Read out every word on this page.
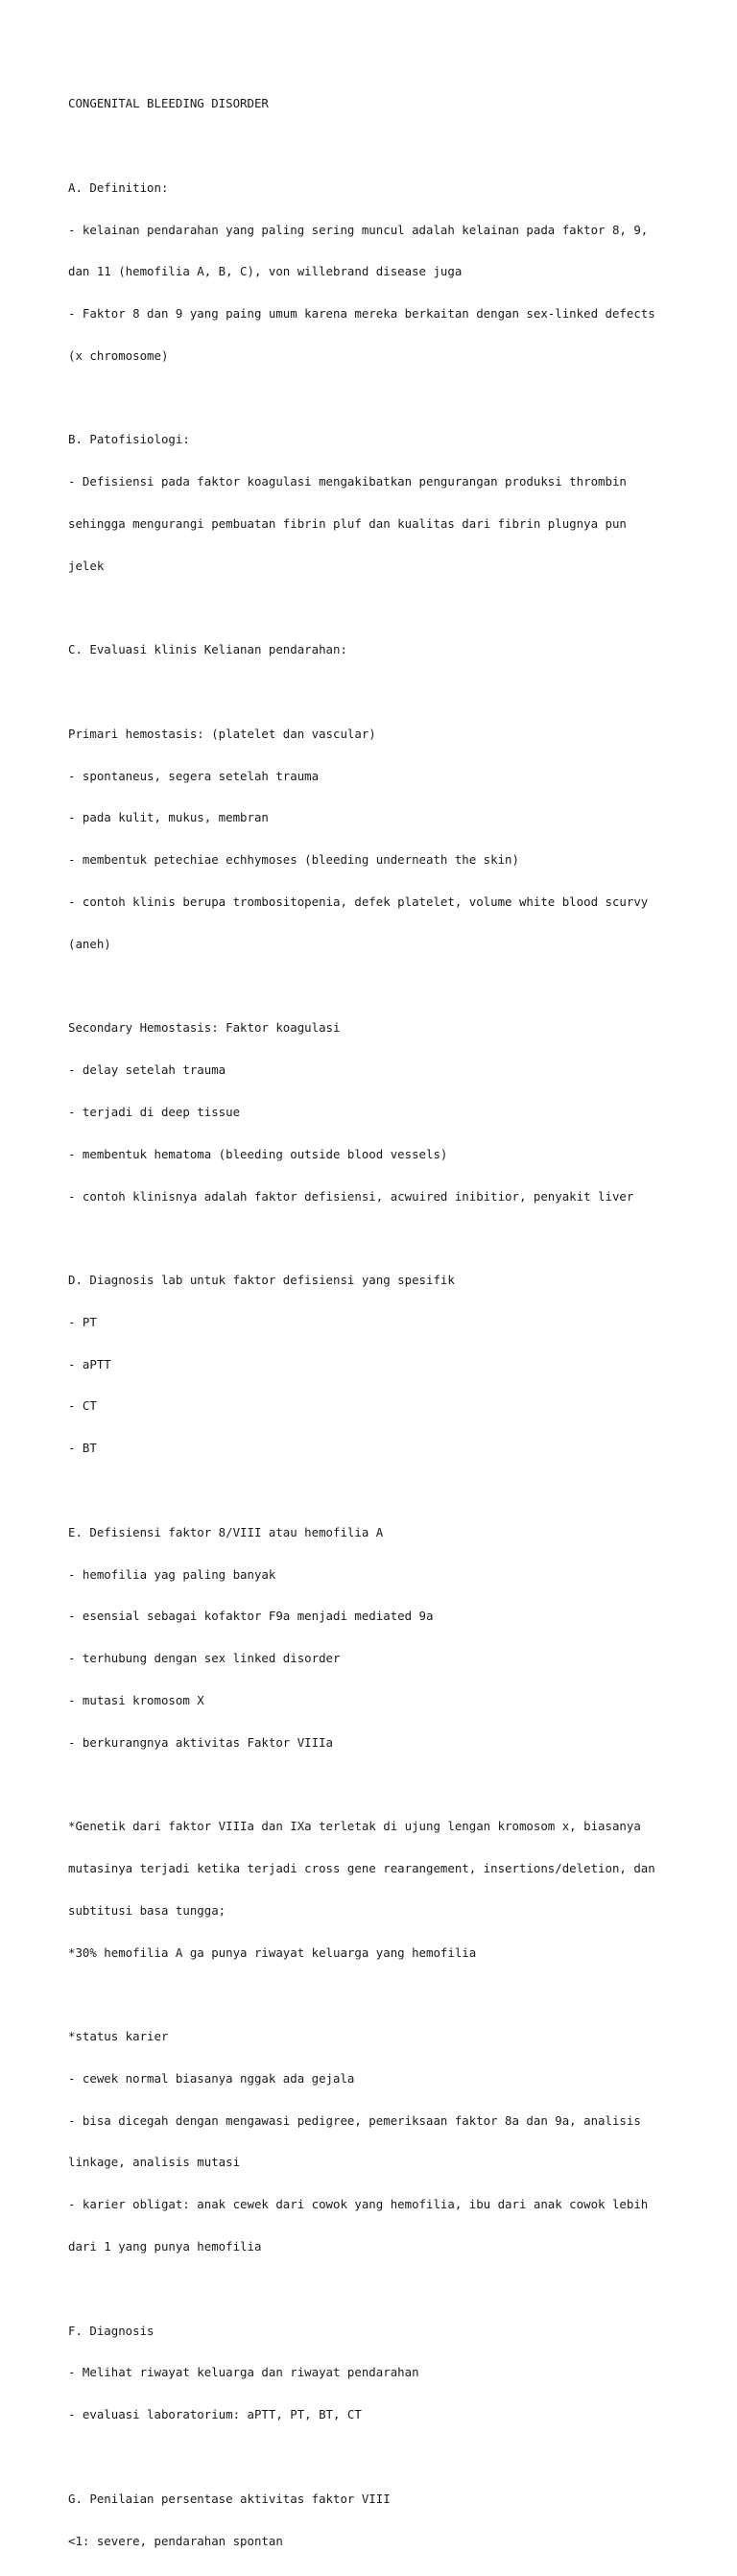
CONGENITAL BLEEDING DISORDER

A. Definition:

- kelainan pendarahan yang paling sering muncul adalah kelainan pada faktor 8, 9,

dan 11 (hemofilia A, B, C), von willebrand disease juga

- Faktor 8 dan 9 yang paing umum karena mereka berkaitan dengan sex-linked defects

(x chromosome)

B. Patofisiologi:

- Defisiensi pada faktor koagulasi mengakibatkan pengurangan produksi thrombin

sehingga mengurangi pembuatan fibrin pluf dan kualitas dari fibrin plugnya pun

jelek

C. Evaluasi klinis Kelianan pendarahan:

Primari hemostasis: (platelet dan vascular)

- spontaneus, segera setelah trauma

- pada kulit, mukus, membran

- membentuk petechiae echhymoses (bleeding underneath the skin)

- contoh klinis berupa trombositopenia, defek platelet, volume white blood scurvy

(aneh)

Secondary Hemostasis: Faktor koagulasi

- delay setelah trauma

- terjadi di deep tissue

- membentuk hematoma (bleeding outside blood vessels)

- contoh klinisnya adalah faktor defisiensi, acwuired inibitior, penyakit liver

D. Diagnosis lab untuk faktor defisiensi yang spesifik

- PT

- aPTT

- CT

- BT

E. Defisiensi faktor 8/VIII atau hemofilia A

- hemofilia yag paling banyak

- esensial sebagai kofaktor F9a menjadi mediated 9a

- terhubung dengan sex linked disorder

- mutasi kromosom X

- berkurangnya aktivitas Faktor VIIIa

*Genetik dari faktor VIIIa dan IXa terletak di ujung lengan kromosom x, biasanya

mutasinya terjadi ketika terjadi cross gene rearangement, insertions/deletion, dan

subtitusi basa tungga;

*30% hemofilia A ga punya riwayat keluarga yang hemofilia

*status karier

- cewek normal biasanya nggak ada gejala

- bisa dicegah dengan mengawasi pedigree, pemeriksaan faktor 8a dan 9a, analisis

linkage, analisis mutasi

- karier obligat: anak cewek dari cowok yang hemofilia, ibu dari anak cowok lebih

dari 1 yang punya hemofilia

F. Diagnosis

- Melihat riwayat keluarga dan riwayat pendarahan

- evaluasi laboratorium: aPTT, PT, BT, CT

G. Penilaian persentase aktivitas faktor VIII

<1: severe, pendarahan spontan
